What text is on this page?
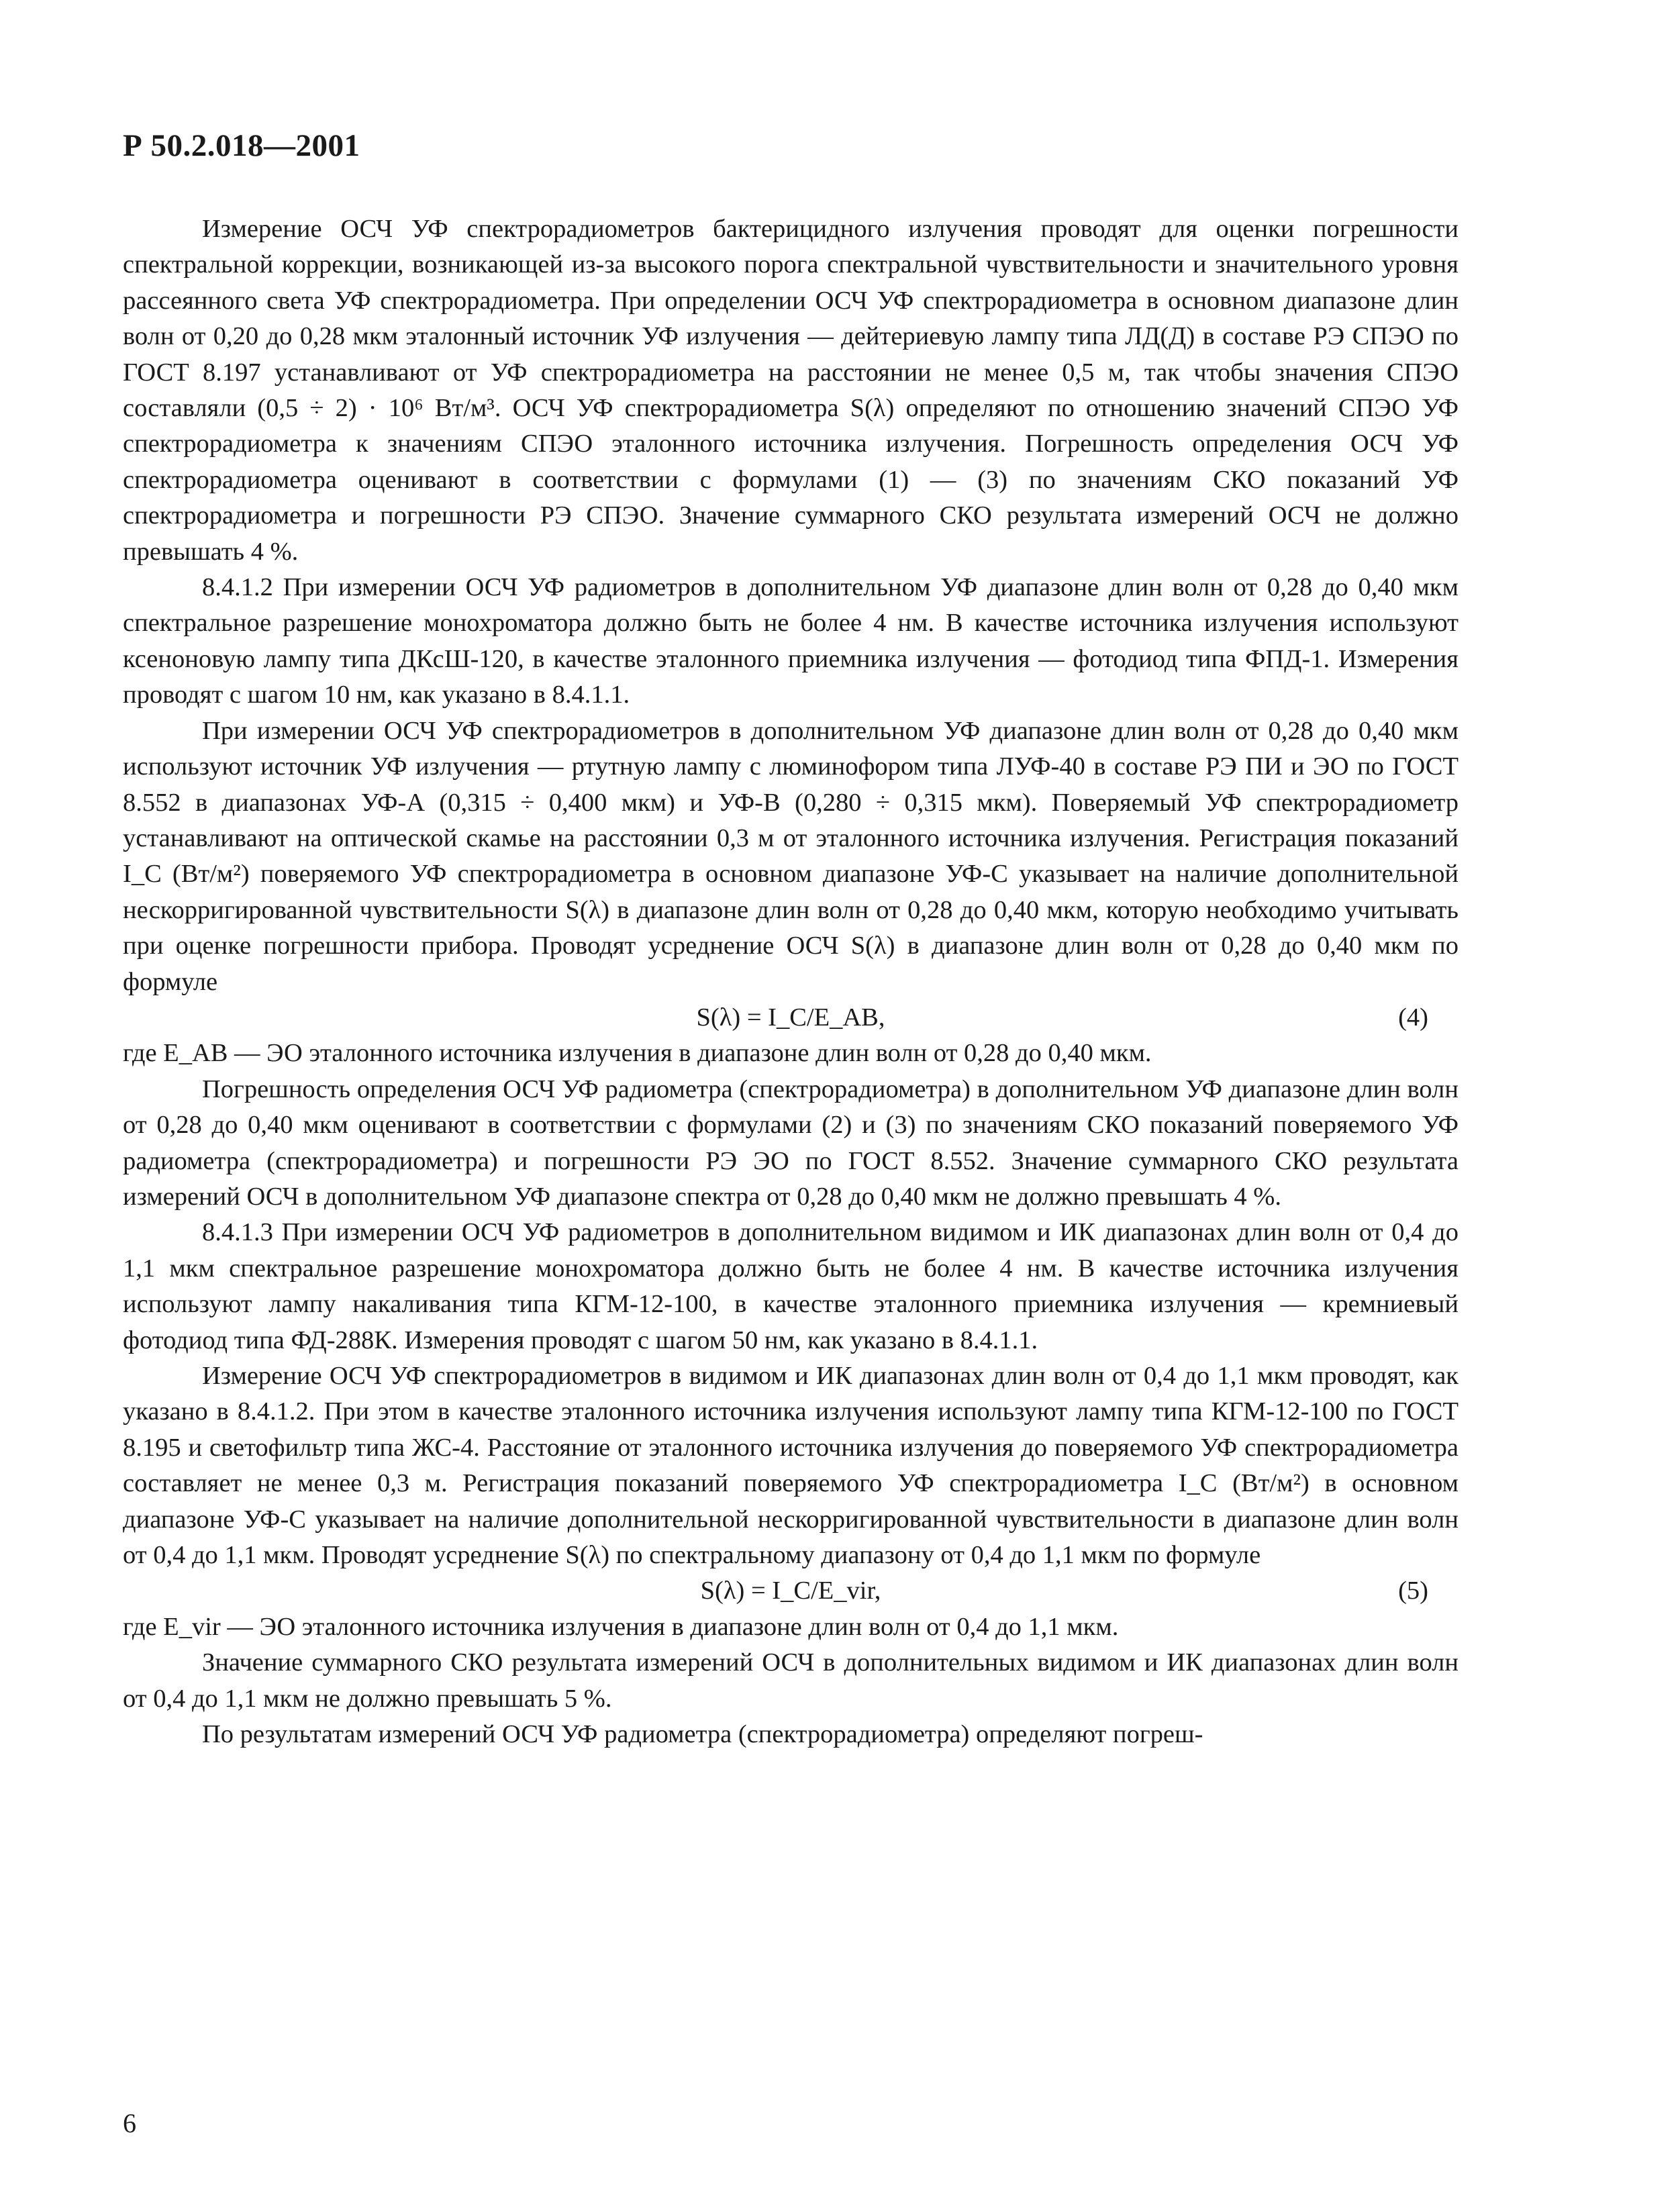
Р 50.2.018—2001

Измерение ОСЧ УФ спектрорадиометров бактерицидного излучения проводят для оценки погрешности спектральной коррекции, возникающей из-за высокого порога спектральной чувствительности и значительного уровня рассеянного света УФ спектрорадиометра. При определении ОСЧ УФ спектрорадиометра в основном диапазоне длин волн от 0,20 до 0,28 мкм эталонный источник УФ излучения — дейтериевую лампу типа ЛД(Д) в составе РЭ СПЭО по ГОСТ 8.197 устанавливают от УФ спектрорадиометра на расстоянии не менее 0,5 м, так чтобы значения СПЭО составляли (0,5 ÷ 2) · 10⁶ Вт/м³. ОСЧ УФ спектрорадиометра S(λ) определяют по отношению значений СПЭО УФ спектрорадиометра к значениям СПЭО эталонного источника излучения. Погрешность определения ОСЧ УФ спектрорадиометра оценивают в соответствии с формулами (1) — (3) по значениям СКО показаний УФ спектрорадиометра и погрешности РЭ СПЭО. Значение суммарного СКО результата измерений ОСЧ не должно превышать 4 %.

8.4.1.2 При измерении ОСЧ УФ радиометров в дополнительном УФ диапазоне длин волн от 0,28 до 0,40 мкм спектральное разрешение монохроматора должно быть не более 4 нм. В качестве источника излучения используют ксеноновую лампу типа ДКсШ-120, в качестве эталонного приемника излучения — фотодиод типа ФПД-1. Измерения проводят с шагом 10 нм, как указано в 8.4.1.1.

При измерении ОСЧ УФ спектрорадиометров в дополнительном УФ диапазоне длин волн от 0,28 до 0,40 мкм используют источник УФ излучения — ртутную лампу с люминофором типа ЛУФ-40 в составе РЭ ПИ и ЭО по ГОСТ 8.552 в диапазонах УФ-А (0,315 ÷ 0,400 мкм) и УФ-В (0,280 ÷ 0,315 мкм). Поверяемый УФ спектрорадиометр устанавливают на оптической скамье на расстоянии 0,3 м от эталонного источника излучения. Регистрация показаний I_C (Вт/м²) поверяемого УФ спектрорадиометра в основном диапазоне УФ-С указывает на наличие дополнительной нескорригированной чувствительности S(λ) в диапазоне длин волн от 0,28 до 0,40 мкм, которую необходимо учитывать при оценке погрешности прибора. Проводят усреднение ОСЧ S(λ) в диапазоне длин волн от 0,28 до 0,40 мкм по формуле

S(λ) = I_C/E_AB,	(4)

где E_AB — ЭО эталонного источника излучения в диапазоне длин волн от 0,28 до 0,40 мкм.

Погрешность определения ОСЧ УФ радиометра (спектрорадиометра) в дополнительном УФ диапазоне длин волн от 0,28 до 0,40 мкм оценивают в соответствии с формулами (2) и (3) по значениям СКО показаний поверяемого УФ радиометра (спектрорадиометра) и погрешности РЭ ЭО по ГОСТ 8.552. Значение суммарного СКО результата измерений ОСЧ в дополнительном УФ диапазоне спектра от 0,28 до 0,40 мкм не должно превышать 4 %.

8.4.1.3 При измерении ОСЧ УФ радиометров в дополнительном видимом и ИК диапазонах длин волн от 0,4 до 1,1 мкм спектральное разрешение монохроматора должно быть не более 4 нм. В качестве источника излучения используют лампу накаливания типа КГМ-12-100, в качестве эталонного приемника излучения — кремниевый фотодиод типа ФД-288К. Измерения проводят с шагом 50 нм, как указано в 8.4.1.1.

Измерение ОСЧ УФ спектрорадиометров в видимом и ИК диапазонах длин волн от 0,4 до 1,1 мкм проводят, как указано в 8.4.1.2. При этом в качестве эталонного источника излучения используют лампу типа КГМ-12-100 по ГОСТ 8.195 и светофильтр типа ЖС-4. Расстояние от эталонного источника излучения до поверяемого УФ спектрорадиометра составляет не менее 0,3 м. Регистрация показаний поверяемого УФ спектрорадиометра I_C (Вт/м²) в основном диапазоне УФ-С указывает на наличие дополнительной нескорригированной чувствительности в диапазоне длин волн от 0,4 до 1,1 мкм. Проводят усреднение S(λ) по спектральному диапазону от 0,4 до 1,1 мкм по формуле

S(λ) = I_C/E_vir,	(5)

где E_vir — ЭО эталонного источника излучения в диапазоне длин волн от 0,4 до 1,1 мкм.

Значение суммарного СКО результата измерений ОСЧ в дополнительных видимом и ИК диапазонах длин волн от 0,4 до 1,1 мкм не должно превышать 5 %.

По результатам измерений ОСЧ УФ радиометра (спектрорадиометра) определяют погреш-

6
